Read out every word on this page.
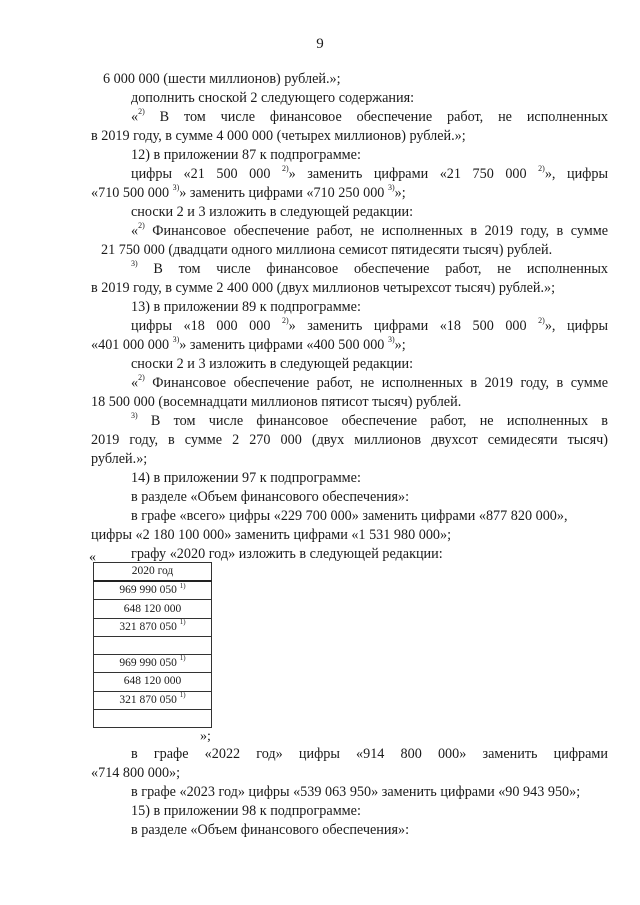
9
6 000 000 (шести миллионов) рублей.»;
дополнить сноской 2 следующего содержания:
«$^{2)}$ В том числе финансовое обеспечение работ, не исполненных
в 2019 году, в сумме 4 000 000 (четырех миллионов) рублей.»;
12) в приложении 87 к подпрограмме:
цифры «21 500 000 $^{2)}$» заменить цифрами «21 750 000 $^{2)}$», цифры
«710 500 000 $^{3)}$» заменить цифрами «710 250 000 $^{3)}$»;
сноски 2 и 3 изложить в следующей редакции:
«$^{2)}$ Финансовое обеспечение работ, не исполненных в 2019 году, в сумме
21 750 000 (двадцати одного миллиона семисот пятидесяти тысяч) рублей.
$^{3)}$ В том числе финансовое обеспечение работ, не исполненных
в 2019 году, в сумме 2 400 000 (двух миллионов четырехсот тысяч) рублей.»;
13) в приложении 89 к подпрограмме:
цифры «18 000 000 $^{2)}$» заменить цифрами «18 500 000 $^{2)}$», цифры
«401 000 000 $^{3)}$» заменить цифрами «400 500 000 $^{3)}$»;
сноски 2 и 3 изложить в следующей редакции:
«$^{2)}$ Финансовое обеспечение работ, не исполненных в 2019 году, в сумме
18 500 000 (восемнадцати миллионов пятисот тысяч) рублей.
$^{3)}$ В том числе финансовое обеспечение работ, не исполненных в
2019 году, в сумме 2 270 000 (двух миллионов двухсот семидесяти тысяч)
рублей.»;
14) в приложении 97 к подпрограмме:
в разделе «Объем финансового обеспечения»:
в графе «всего» цифры «229 700 000» заменить цифрами «877 820 000»,
цифры «2 180 100 000» заменить цифрами «1 531 980 000»;
графу «2020 год» изложить в следующей редакции:
«
2020 год
969 990 050 $^{1)}$
648 120 000
321 870 050 $^{1)}$

969 990 050 $^{1)}$
648 120 000
321 870 050 $^{1)}$

»;
в графе «2022 год» цифры «914 800 000» заменить цифрами
«714 800 000»;
в графе «2023 год» цифры «539 063 950» заменить цифрами «90 943 950»;
15) в приложении 98 к подпрограмме:
в разделе «Объем финансового обеспечения»:
